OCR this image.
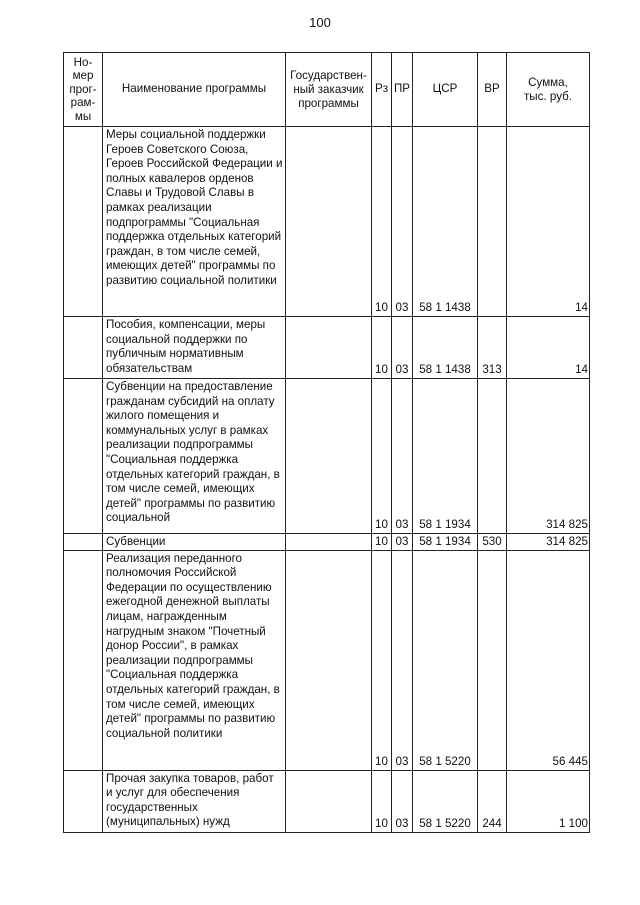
100
Но-
мер
прог-
рам-
мы	Наименование программы	Государствен-
ный заказчик
программы	Рз	ПР	ЦСР	ВР	Сумма,
тыс. руб.

	Меры социальной поддержки Героев Советского Союза, Героев Российской Федерации и полных кавалеров орденов Славы и Трудовой Славы в рамках реализации подпрограммы "Социальная поддержка отдельных категорий граждан, в том числе семей, имеющих детей" программы по развитию социальной политики		10	03	58 1 1438		14
	Пособия, компенсации, меры социальной поддержки по публичным нормативным обязательствам		10	03	58 1 1438	313	14
	Субвенции на предоставление гражданам субсидий на оплату жилого помещения и коммунальных услуг в рамках реализации подпрограммы "Социальная поддержка отдельных категорий граждан, в том числе семей, имеющих детей" программы по развитию социальной		10	03	58 1 1934		314 825
	Субвенции		10	03	58 1 1934	530	314 825
	Реализация переданного полномочия Российской Федерации по осуществлению ежегодной денежной выплаты лицам, награжденным нагрудным знаком "Почетный донор России", в рамках реализации подпрограммы "Социальная поддержка отдельных категорий граждан, в том числе семей, имеющих детей" программы по развитию социальной политики		10	03	58 1 5220		56 445
	Прочая закупка товаров, работ и услуг для обеспечения государственных (муниципальных) нужд		10	03	58 1 5220	244	1 100
